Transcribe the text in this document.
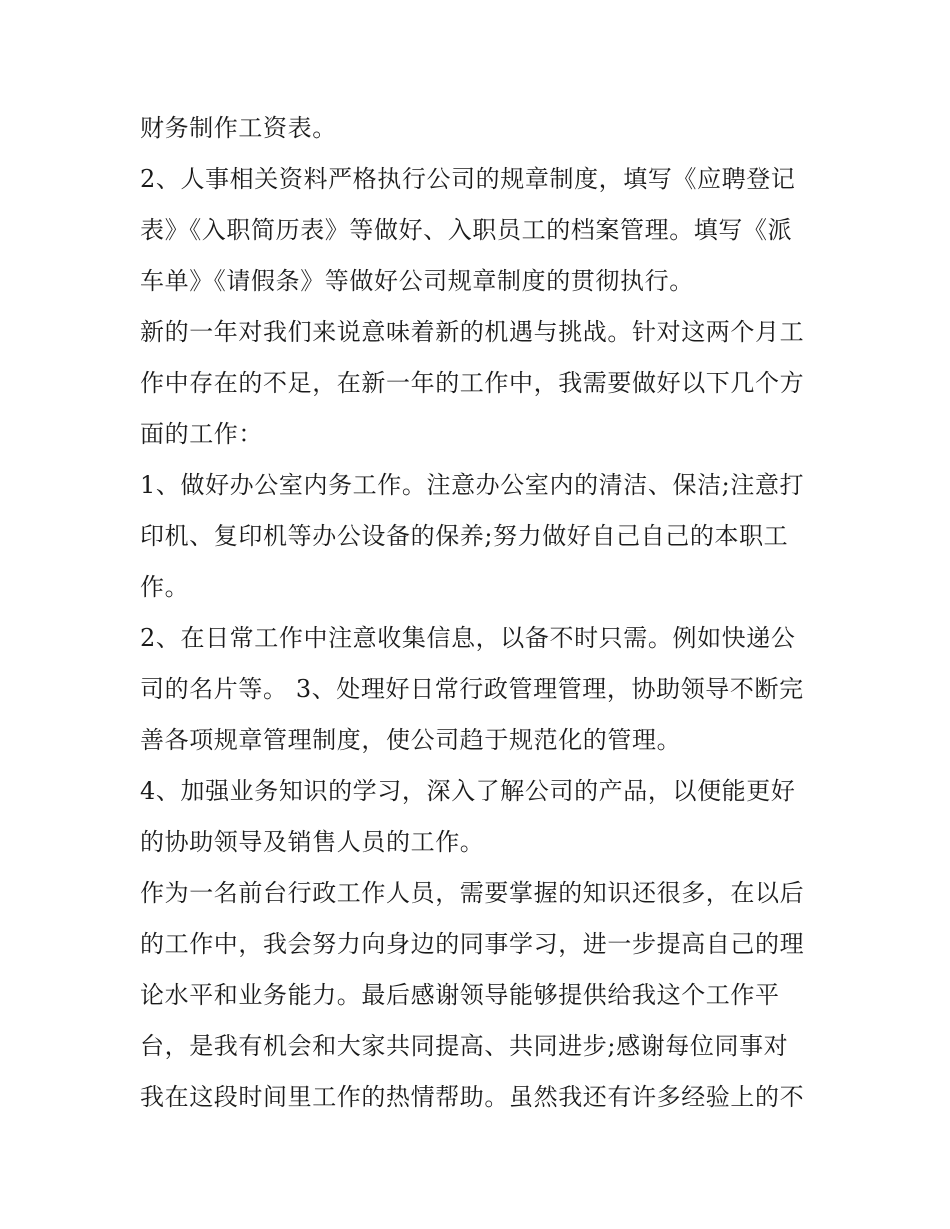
财务制作工资表。
2、人事相关资料严格执行公司的规章制度，填写《应聘登记
表》《入职简历表》等做好、入职员工的档案管理。填写《派
车单》《请假条》等做好公司规章制度的贯彻执行。
新的一年对我们来说意味着新的机遇与挑战。针对这两个月工
作中存在的不足，在新一年的工作中，我需要做好以下几个方
面的工作：
1、做好办公室内务工作。注意办公室内的清洁、保洁;注意打
印机、复印机等办公设备的保养;努力做好自己自己的本职工
作。
2、在日常工作中注意收集信息，以备不时只需。例如快递公
司的名片等。 3、处理好日常行政管理管理，协助领导不断完
善各项规章管理制度，使公司趋于规范化的管理。
4、加强业务知识的学习，深入了解公司的产品，以便能更好
的协助领导及销售人员的工作。
作为一名前台行政工作人员，需要掌握的知识还很多，在以后
的工作中，我会努力向身边的同事学习，进一步提高自己的理
论水平和业务能力。最后感谢领导能够提供给我这个工作平
台，是我有机会和大家共同提高、共同进步;感谢每位同事对
我在这段时间里工作的热情帮助。虽然我还有许多经验上的不
